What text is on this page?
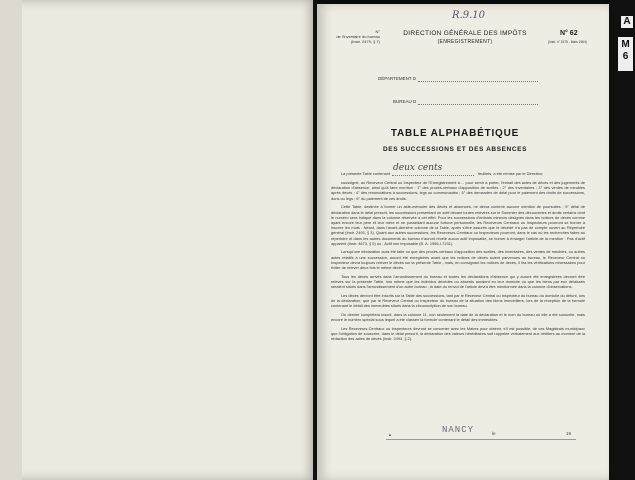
A
M
6
R.9.10
N°
de l'inventaire du bureau
(Instr. 2479, § 7)
N° 62
(Instr. n° 2475 - Mars 1964)
DIRECTION GÉNÉRALE DES IMPÔTS
(ENREGISTREMENT)
DÉPARTEMENT D
BUREAU D
TABLE ALPHABÉTIQUE
DES SUCCESSIONS ET DES ABSENCES
La présente Table contenant
deux cents
feuillets, a été remise par le Directeur,

soussigné, au Receveur Central ou Inspecteur de l'Enregistrement à ... pour servir à porter, l'extrait des actes de décès et des jugements de déclaration d'absence, ainsi qu'à faire mention : 1° des procès-verbaux d'apposition de scellés ; 2° des inventaires ; 3° des ventes de meubles après décès ; 4° des renonciations à successions, legs ou communautés ; 5° des demandes de délai pour le paiement des droits de successions, dons ou legs ; 6° du paiement de ces droits.

Cette Table, destinée à former un aide-mémoire des décès et absences, ne devra contenir aucune mention de poursuites ; 5° délai de déclaration dans le délai prescrit, les successions présentant un actif devant toutes relevées sur le Sommier des découvertes et droits certains dont le numéro sera indiqué dans la colonne réservée à cet effet. Pour les successions d'enfants mineurs désignés dans les notices de décès comme ayant encore leur père et leur mère et ne possédant aucune fortune personnelle, les Receveurs Centraux ou Inspecteurs pourront se borner à inscrire les mots : Néant, dans l'avant-dernière colonne de la Table, après s'être assurés que le décédé n'a pas de compte ouvert au Répertoire général (Instr. 2493, § 3). Quant aux autres successions, les Receveurs-Centraux ou Inspecteurs pourront, dans le cas où les recherches faites au répertoire et dans les autres documents du bureau n'auront révélé aucun actif imposable, se borner à émarger l'article de la mention : Pas d'actif apparent (Instr. 4673, § 5) ou : Actif non imposable (B. A. 1956-I-7231).

Lorsqu'une déclaration aura été faite ou que des procès-verbaux d'apposition des scellés, des inventaires, des ventes de meubles, ou autres actes relatifs à une succession, auront été enregistrés avant que les notices de décès soient parvenues au bureau, le Receveur Central ou Inspecteur devra toujours relever le décès sur la présente Table ; mais, en consignant les notices de décès, il lira les vérifications nécessaires pour éviter de relever deux fois le même décès.

Tous les décès arrivés dans l'arrondissement du bureau et toutes les déclarations d'absence qui y auront été enregistrées devront être relevés sur la présente Table, lors même que les individus décédés ou absents auraient eu leur domicile ou que les biens par eux délaissés seraient situés dans l'arrondissement d'un autre bureau ; la date du renvoi de l'article devra être mentionnée dans la colonne d'observations.

Les décès devront être inscrits sur la Table des successions, tant par le Receveur Central ou Inspecteur du bureau du domicile du défunt, lors de la déclaration, que par le Receveur Central ou Inspecteur du bureau de la situation des biens immobiliers, lors de la réception de la formule contenant le détail des immeubles situés dans la circonscription de son bureau.

On dernier complétera inscrit, dans la colonne 11, non seulement la date de la déclaration et le nom du bureau où elle a été souscrite, mais encore le numéro spécial sous lequel a été classée la formule contenant le détail des immeubles.

Les Receveurs-Centraux ou Inspecteurs devront se concerter avec les Maires pour obtenir, s'il est possible, de ces Magistrats municipaux que l'obligation de souscrire, dans le délai prescrit, la déclaration des valeurs héréditaires soit rappelée verbalement aux héritiers au moment de la rédaction des actes de décès (Instr. 2493, § 2).

▲	NANCY	le	19
